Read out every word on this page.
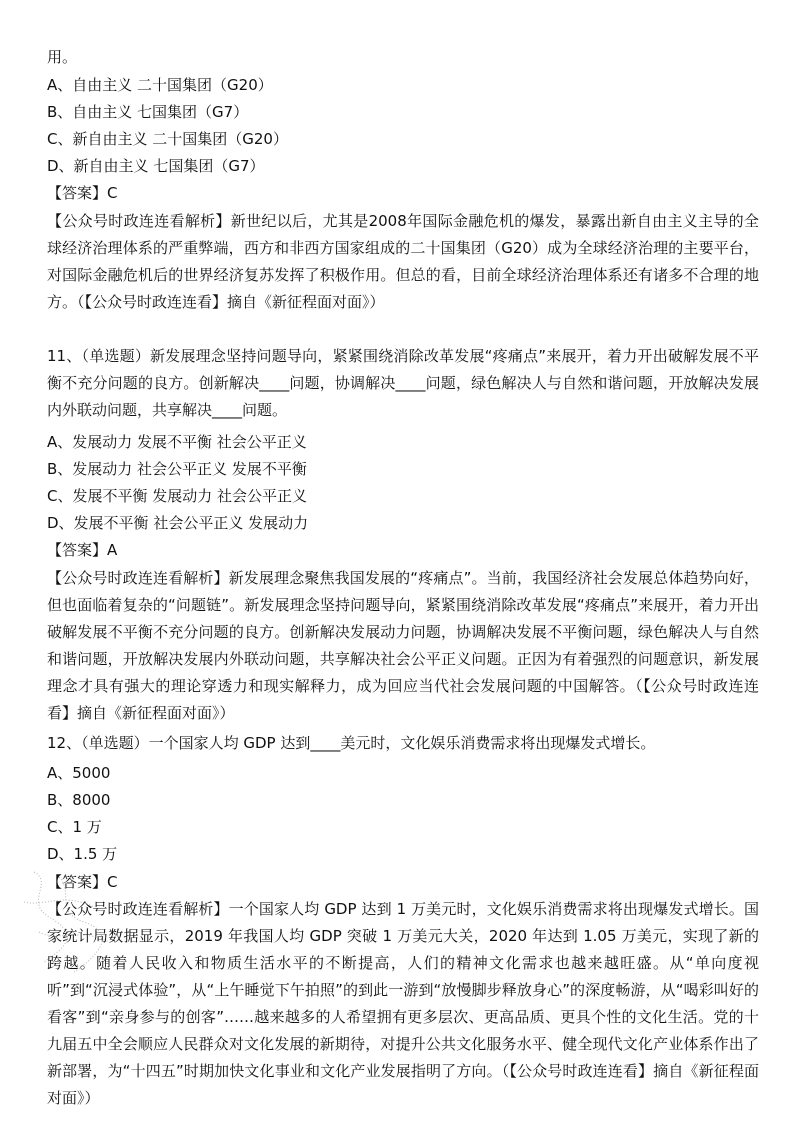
用。
A、自由主义 二十国集团（G20）
B、自由主义 七国集团（G7）
C、新自由主义 二十国集团（G20）
D、新自由主义 七国集团（G7）
【答案】C
【公众号时政连连看解析】新世纪以后，尤其是2008年国际金融危机的爆发，暴露出新自由主义主导的全球经济治理体系的严重弊端，西方和非西方国家组成的二十国集团（G20）成为全球经济治理的主要平台，对国际金融危机后的世界经济复苏发挥了积极作用。但总的看，目前全球经济治理体系还有诸多不合理的地方。（【公众号时政连连看】摘自《新征程面对面》）
11、（单选题）新发展理念坚持问题导向，紧紧围绕消除改革发展“疼痛点”来展开，着力开出破解发展不平衡不充分问题的良方。创新解决____问题，协调解决____问题，绿色解决人与自然和谐问题，开放解决发展内外联动问题，共享解决____问题。
A、发展动力 发展不平衡 社会公平正义
B、发展动力 社会公平正义 发展不平衡
C、发展不平衡 发展动力 社会公平正义
D、发展不平衡 社会公平正义 发展动力
【答案】A
【公众号时政连连看解析】新发展理念聚焦我国发展的“疼痛点”。当前，我国经济社会发展总体趋势向好，但也面临着复杂的“问题链”。新发展理念坚持问题导向，紧紧围绕消除改革发展“疼痛点”来展开，着力开出破解发展不平衡不充分问题的良方。创新解决发展动力问题，协调解决发展不平衡问题，绿色解决人与自然和谐问题，开放解决发展内外联动问题，共享解决社会公平正义问题。正因为有着强烈的问题意识，新发展理念才具有强大的理论穿透力和现实解释力，成为回应当代社会发展问题的中国解答。（【公众号时政连连看】摘自《新征程面对面》）
12、（单选题）一个国家人均 GDP 达到____美元时，文化娱乐消费需求将出现爆发式增长。
A、5000
B、8000
C、1 万
D、1.5 万
【答案】C
【公众号时政连连看解析】一个国家人均 GDP 达到 1 万美元时，文化娱乐消费需求将出现爆发式增长。国家统计局数据显示，2019 年我国人均 GDP 突破 1 万美元大关，2020 年达到 1.05 万美元，实现了新的跨越。随着人民收入和物质生活水平的不断提高，人们的精神文化需求也越来越旺盛。从“单向度视听”到“沉浸式体验”，从“上午睡觉下午拍照”的到此一游到“放慢脚步释放身心”的深度畅游，从“喝彩叫好的看客”到“亲身参与的创客”……越来越多的人希望拥有更多层次、更高品质、更具个性的文化生活。党的十九届五中全会顺应人民群众对文化发展的新期待，对提升公共文化服务水平、健全现代文化产业体系作出了新部署，为“十四五”时期加快文化事业和文化产业发展指明了方向。（【公众号时政连连看】摘自《新征程面对面》）
